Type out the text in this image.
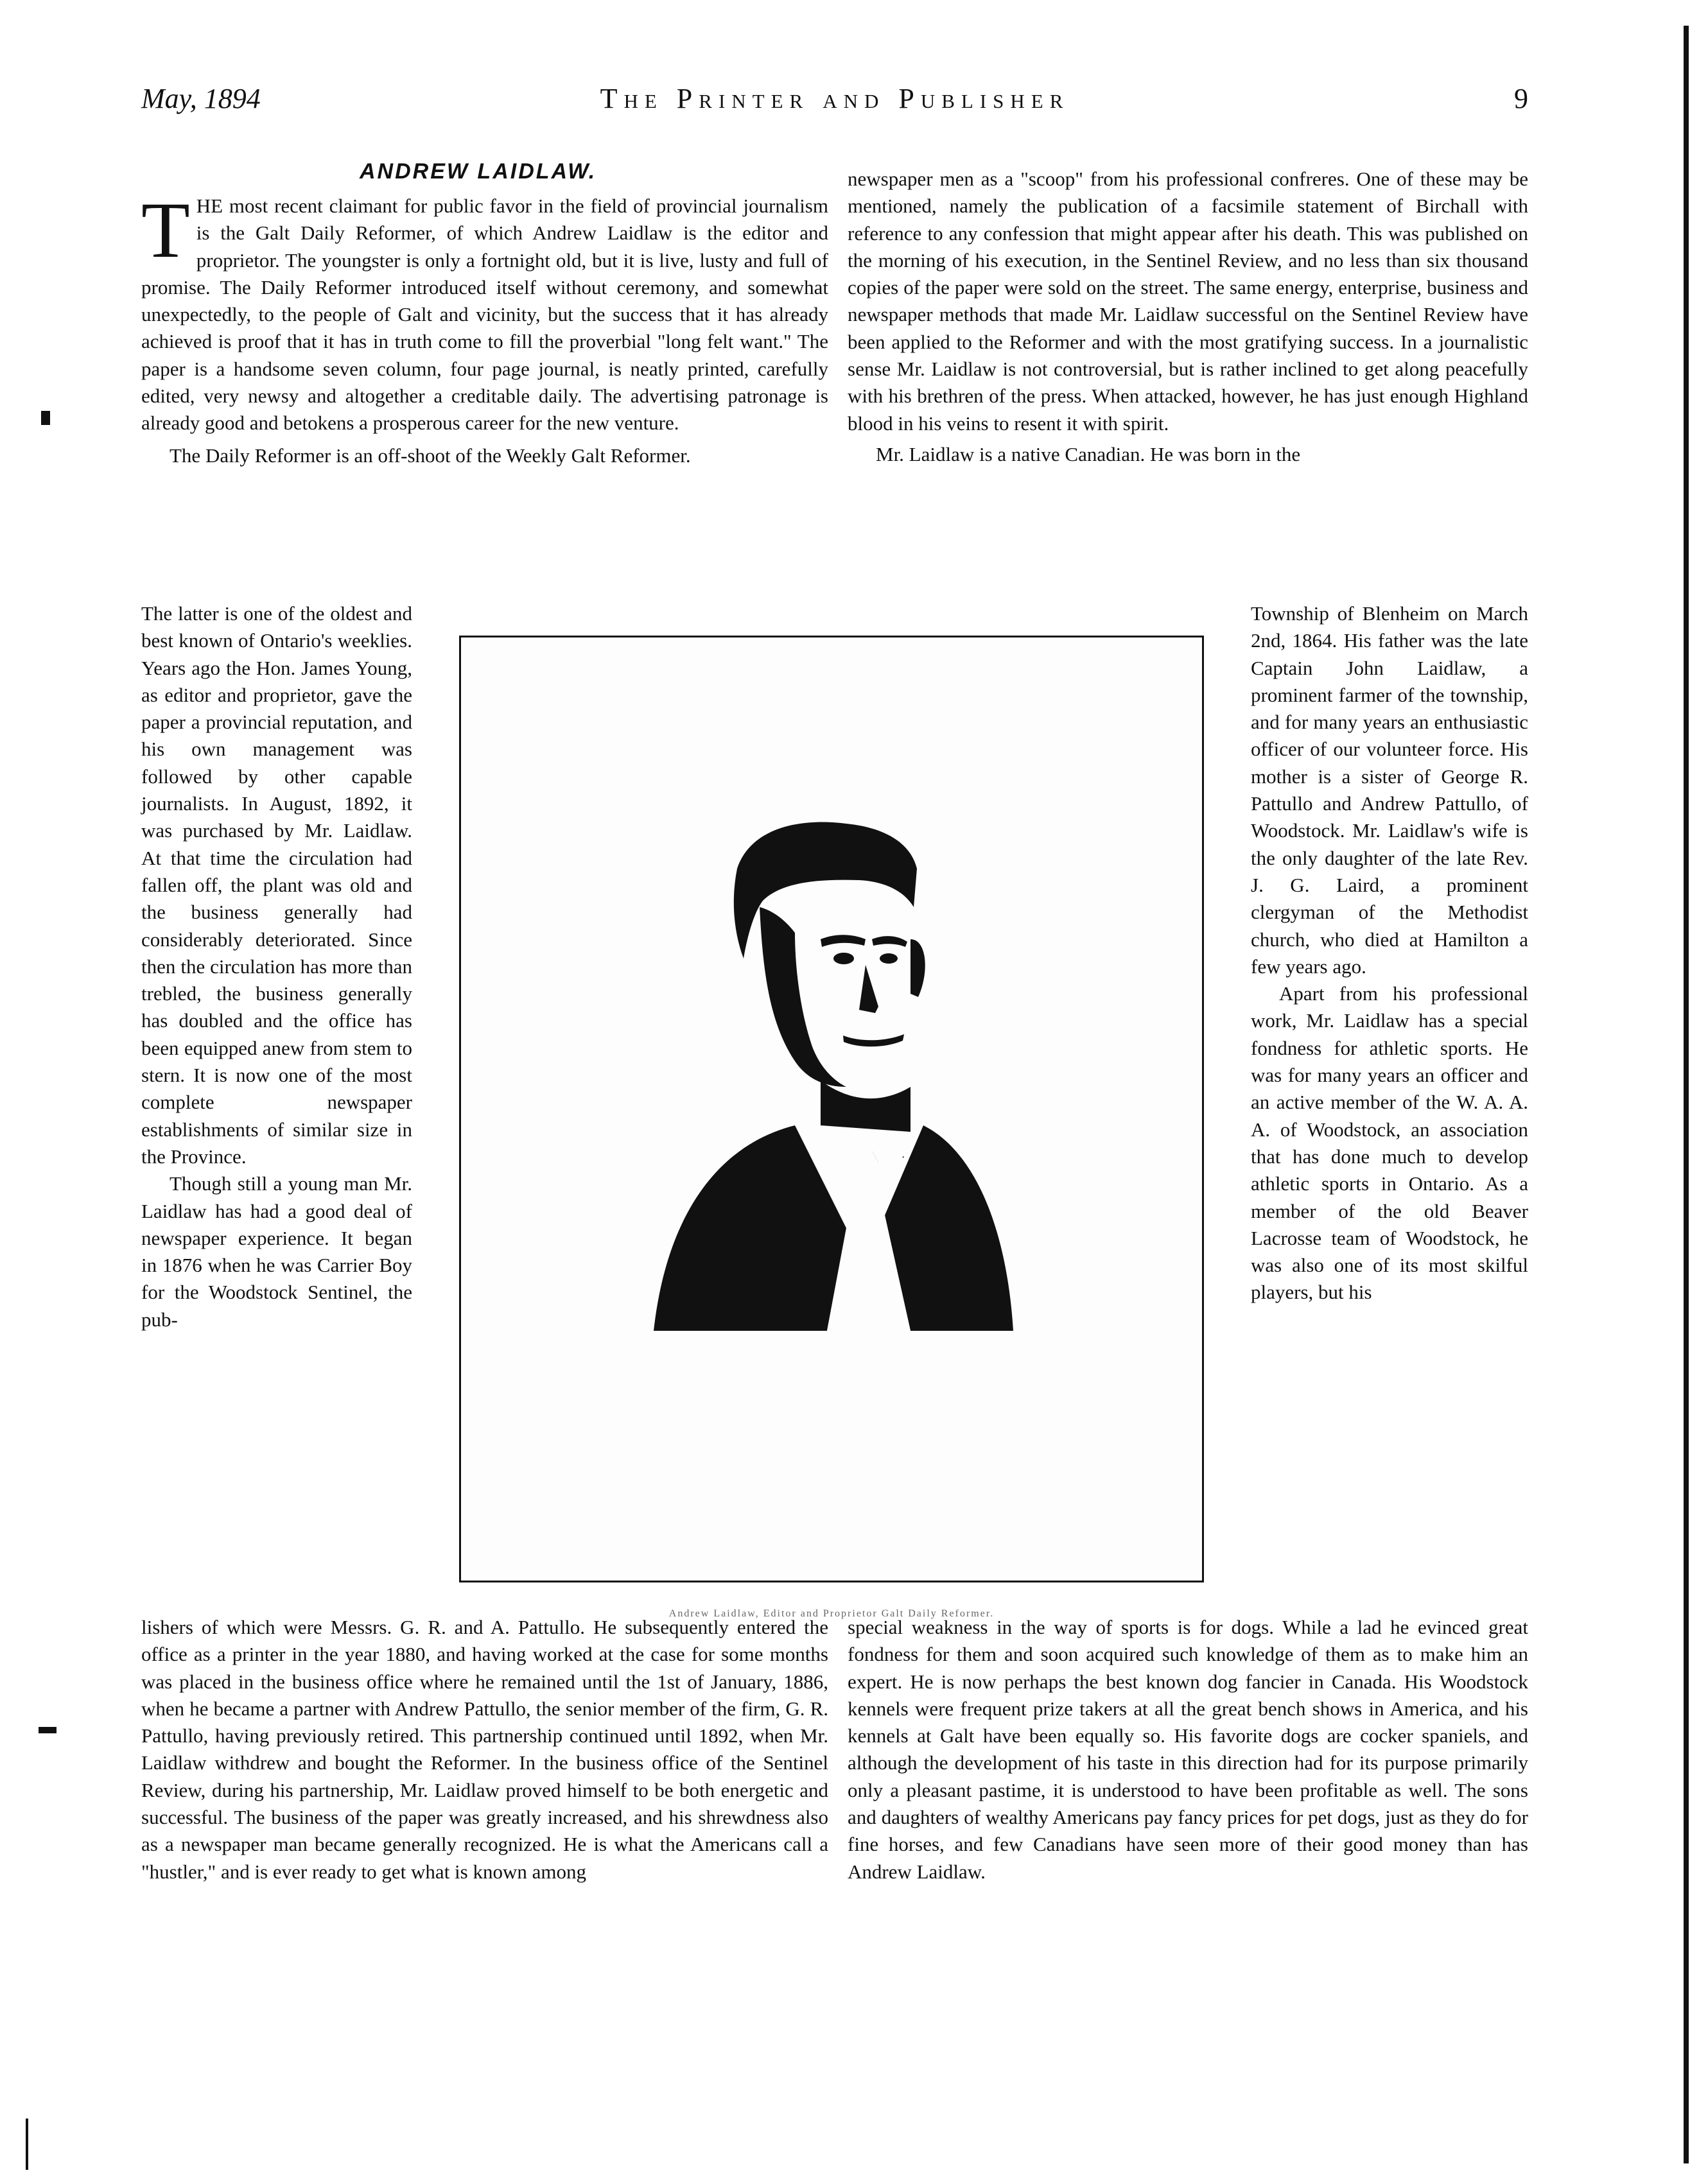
May, 1894	The Printer and Publisher	9
ANDREW LAIDLAW.

THE most recent claimant for public favor in the field of provincial journalism is the Galt Daily Reformer, of which Andrew Laidlaw is the editor and proprietor. The youngster is only a fortnight old, but it is live, lusty and full of promise. The Daily Reformer introduced itself without ceremony, and somewhat unexpectedly, to the people of Galt and vicinity, but the success that it has already achieved is proof that it has in truth come to fill the proverbial "long felt want." The paper is a handsome seven column, four page journal, is neatly printed, carefully edited, very newsy and altogether a creditable daily. The advertising patronage is already good and betokens a prosperous career for the new venture.

The Daily Reformer is an off-shoot of the Weekly Galt Reformer.

The latter is one of the oldest and best known of Ontario's weeklies. Years ago the Hon. James Young, as editor and proprietor, gave the paper a provincial reputation, and his own management was followed by other capable journalists. In August, 1892, it was purchased by Mr. Laidlaw. At that time the circulation had fallen off, the plant was old and the business generally had considerably deteriorated. Since then the circulation has more than trebled, the business generally has doubled and the office has been equipped anew from stem to stern. It is now one of the most complete newspaper establishments of similar size in the Province.

Though still a young man Mr. Laidlaw has had a good deal of newspaper experience. It began in 1876 when he was Carrier Boy for the Woodstock Sentinel, the pub-

Andrew Laidlaw, Editor and Proprietor Galt Daily Reformer.

lishers of which were Messrs. G. R. and A. Pattullo. He subsequently entered the office as a printer in the year 1880, and having worked at the case for some months was placed in the business office where he remained until the 1st of January, 1886, when he became a partner with Andrew Pattullo, the senior member of the firm, G. R. Pattullo, having previously retired. This partnership continued until 1892, when Mr. Laidlaw withdrew and bought the Reformer. In the business office of the Sentinel Review, during his partnership, Mr. Laidlaw proved himself to be both energetic and successful. The business of the paper was greatly increased, and his shrewdness also as a newspaper man became generally recognized. He is what the Americans call a "hustler," and is ever ready to get what is known among

newspaper men as a "scoop" from his professional confreres. One of these may be mentioned, namely the publication of a facsimile statement of Birchall with reference to any confession that might appear after his death. This was published on the morning of his execution, in the Sentinel Review, and no less than six thousand copies of the paper were sold on the street. The same energy, enterprise, business and newspaper methods that made Mr. Laidlaw successful on the Sentinel Review have been applied to the Reformer and with the most gratifying success. In a journalistic sense Mr. Laidlaw is not controversial, but is rather inclined to get along peacefully with his brethren of the press. When attacked, however, he has just enough Highland blood in his veins to resent it with spirit.

Mr. Laidlaw is a native Canadian. He was born in the

Township of Blenheim on March 2nd, 1864. His father was the late Captain John Laidlaw, a prominent farmer of the township, and for many years an enthusiastic officer of our volunteer force. His mother is a sister of George R. Pattullo and Andrew Pattullo, of Woodstock. Mr. Laidlaw's wife is the only daughter of the late Rev. J. G. Laird, a prominent clergyman of the Methodist church, who died at Hamilton a few years ago.

Apart from his professional work, Mr. Laidlaw has a special fondness for athletic sports. He was for many years an officer and an active member of the W. A. A. A. of Woodstock, an association that has done much to develop athletic sports in Ontario. As a member of the old Beaver Lacrosse team of Woodstock, he was also one of its most skilful players, but his

special weakness in the way of sports is for dogs. While a lad he evinced great fondness for them and soon acquired such knowledge of them as to make him an expert. He is now perhaps the best known dog fancier in Canada. His Woodstock kennels were frequent prize takers at all the great bench shows in America, and his kennels at Galt have been equally so. His favorite dogs are cocker spaniels, and although the development of his taste in this direction had for its purpose primarily only a pleasant pastime, it is understood to have been profitable as well. The sons and daughters of wealthy Americans pay fancy prices for pet dogs, just as they do for fine horses, and few Canadians have seen more of their good money than has Andrew Laidlaw.
